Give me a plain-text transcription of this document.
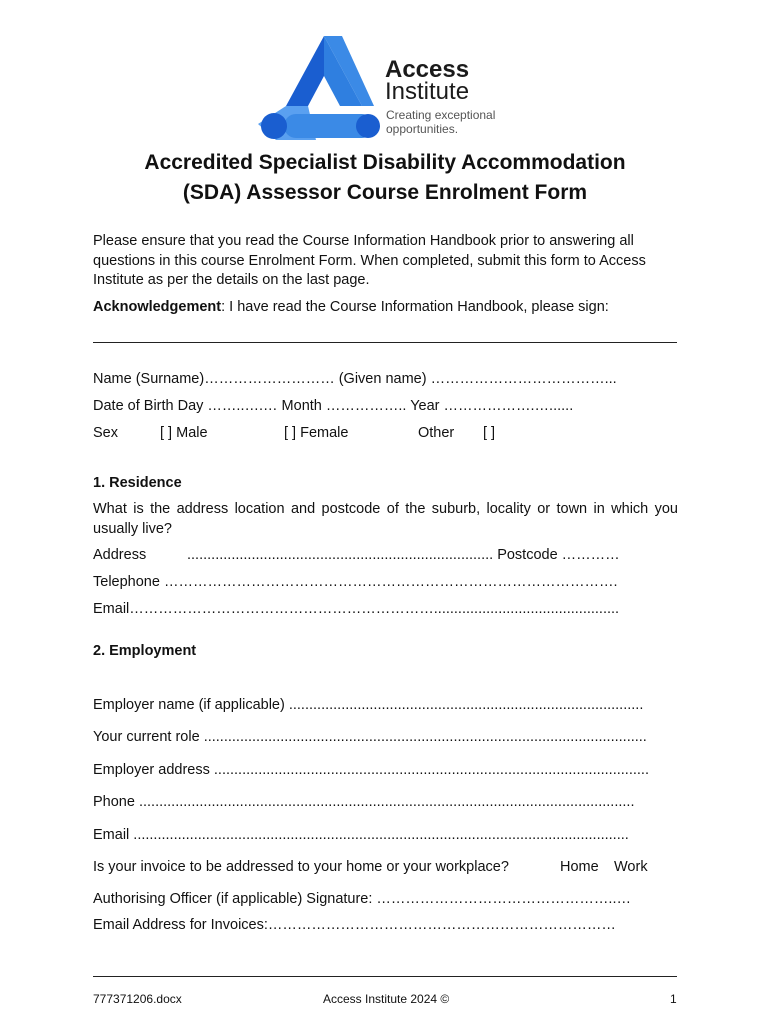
Access
Institute
Creating exceptional
opportunities.
Accredited Specialist Disability Accommodation
(SDA) Assessor Course Enrolment Form
Please ensure that you read the Course Information Handbook prior to answering all questions in this course Enrolment Form. When completed, submit this form to Access Institute as per the details on the last page.
Acknowledgement: I have read the Course Information Handbook, please sign:
Name (Surname)……………………… (Given name) ………………………………...
Date of Birth Day ……..….… Month …………….. Year ……………….…......
Sex	[ ] Male	[ ] Female	Other [ ]
1. Residence
What is the address location and postcode of the suburb, locality or town in which you usually live?
Address	............................................................................ Postcode …………
Telephone ………………………………………………………………………………….
Email………………………………………………………..............................................
2. Employment
Employer name (if applicable) ........................................................................................
Your current role ..............................................................................................................
Employer address ............................................................................................................
Phone ...........................................................................................................................
Email ...........................................................................................................................
Is your invoice to be addressed to your home or your workplace?	Home Work
Authorising Officer (if applicable) Signature: …………………………………………..…
Email Address for Invoices:………………………………………………………………
777371206.docx	Access Institute 2024 ©	1
